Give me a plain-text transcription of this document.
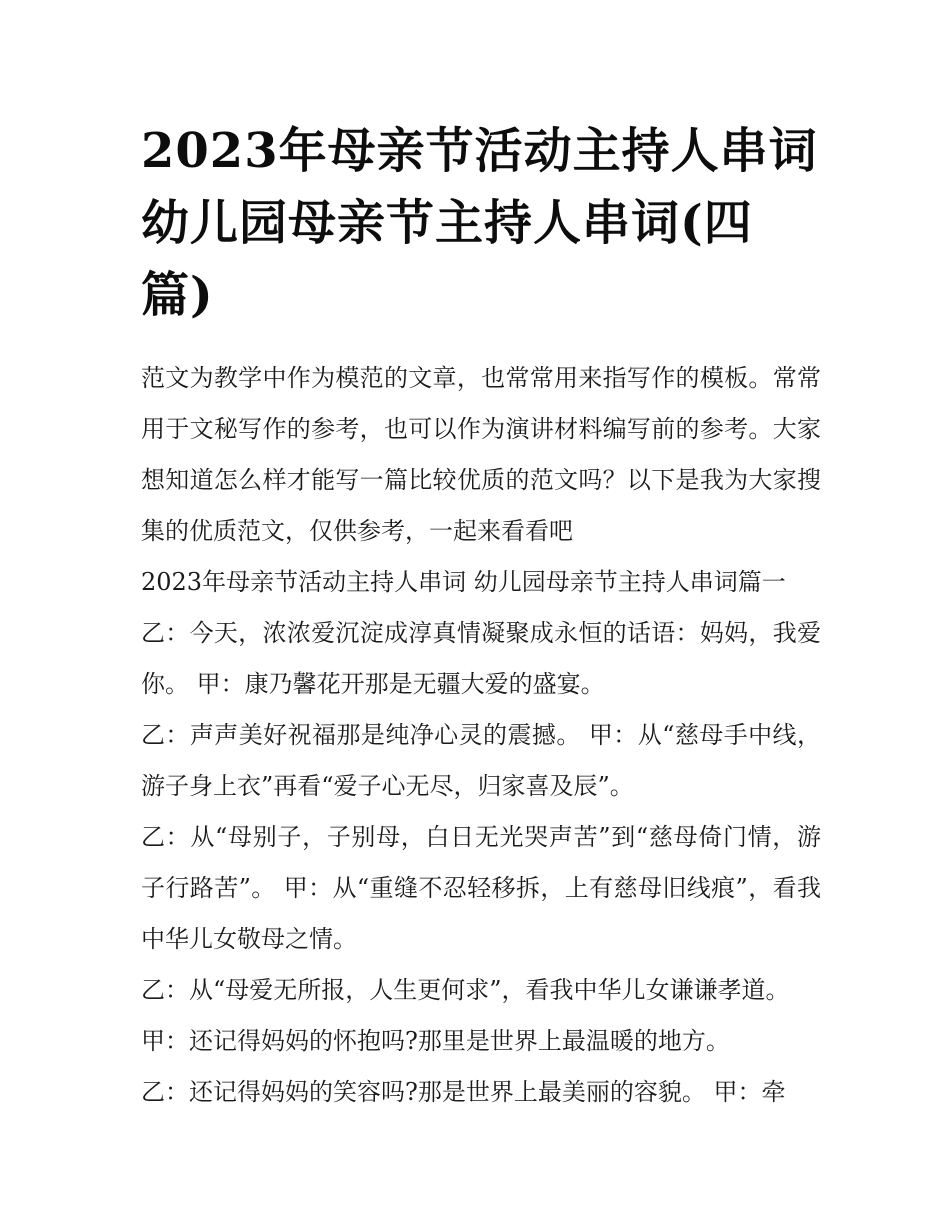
2023年母亲节活动主持人串词 幼儿园母亲节主持人串词(四篇)

范文为教学中作为模范的文章，也常常用来指写作的模板。常常用于文秘写作的参考，也可以作为演讲材料编写前的参考。大家想知道怎么样才能写一篇比较优质的范文吗？以下是我为大家搜集的优质范文，仅供参考，一起来看看吧

2023年母亲节活动主持人串词 幼儿园母亲节主持人串词篇一

乙：今天，浓浓爱沉淀成淳真情凝聚成永恒的话语：妈妈，我爱你。 甲：康乃馨花开那是无疆大爱的盛宴。

乙：声声美好祝福那是纯净心灵的震撼。 甲：从“慈母手中线，游子身上衣”再看“爱子心无尽，归家喜及辰”。

乙：从“母别子，子别母，白日无光哭声苦”到“慈母倚门情，游子行路苦”。 甲：从“重缝不忍轻移拆，上有慈母旧线痕”，看我中华儿女敬母之情。

乙：从“母爱无所报，人生更何求”，看我中华儿女谦谦孝道。

甲：还记得妈妈的怀抱吗?那里是世界上最温暖的地方。

乙：还记得妈妈的笑容吗?那是世界上最美丽的容貌。 甲：牵
